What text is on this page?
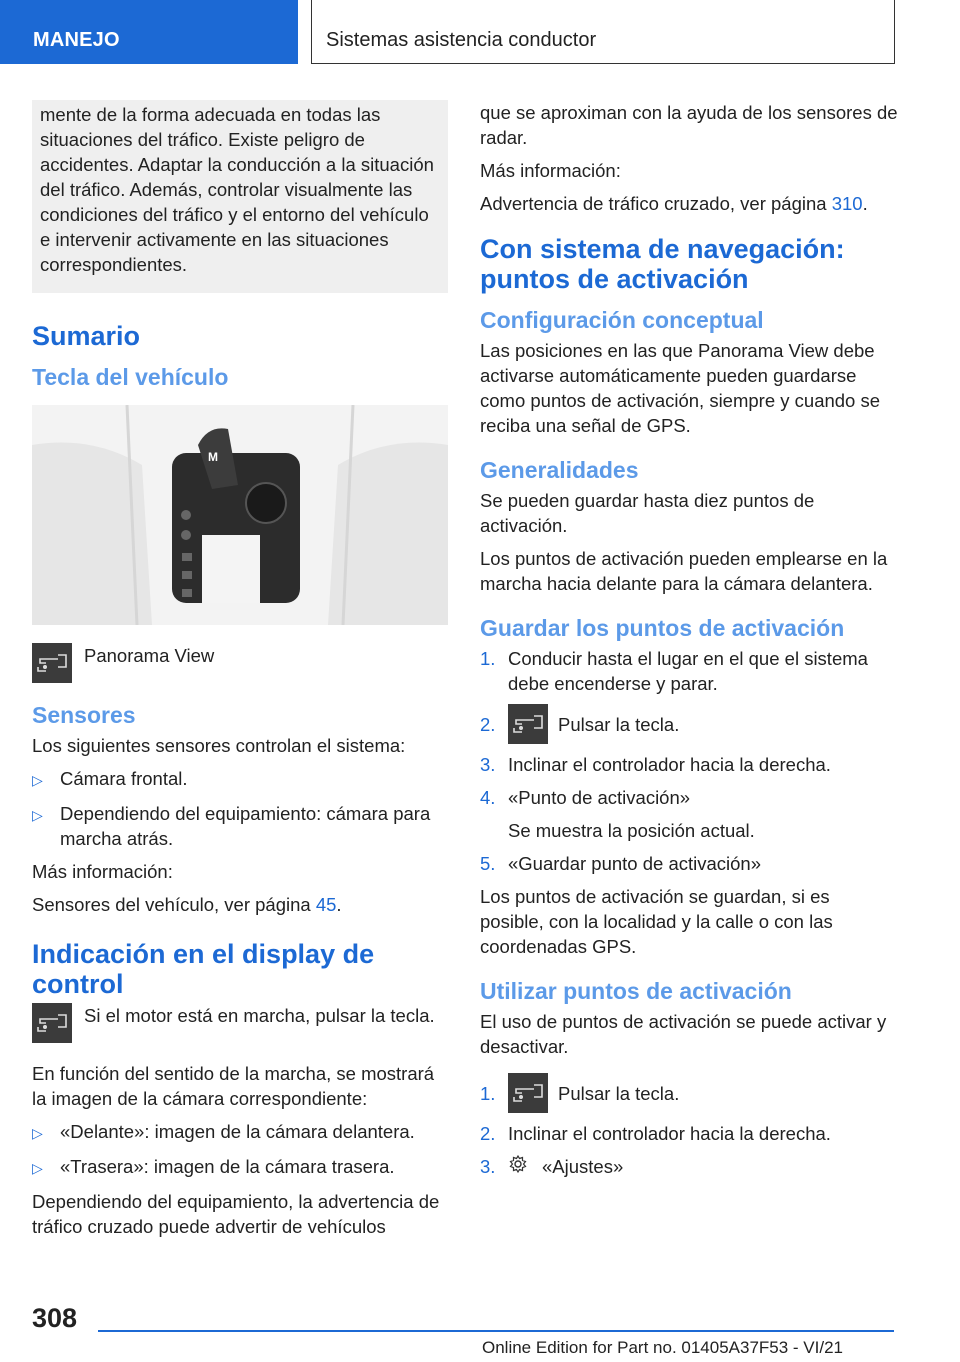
MANEJO	Sistemas asistencia conductor

mente de la forma adecuada en todas las situaciones del tráfico. Existe peligro de accidentes. Adaptar la conducción a la situación del tráfico. Además, controlar visualmente las condiciones del tráfico y el entorno del vehículo e intervenir activamente en las situaciones correspondientes.

Sumario
Tecla del vehículo
M
Panorama View
Sensores

Los siguientes sensores controlan el sistema:

▷ Cámara frontal.
▷ Dependiendo del equipamiento: cámara para marcha atrás.

Más información:

Sensores del vehículo, ver página 45.

Indicación en el display de control
Si el motor está en marcha, pulsar la tecla.

En función del sentido de la marcha, se mostrará la imagen de la cámara correspondiente:

▷ «Delante»: imagen de la cámara delantera.
▷ «Trasera»: imagen de la cámara trasera.

Dependiendo del equipamiento, la advertencia de tráfico cruzado puede advertir de vehículos

que se aproximan con la ayuda de los sensores de radar.

Más información:

Advertencia de tráfico cruzado, ver página 310.

Con sistema de navegación: puntos de activación
Configuración conceptual

Las posiciones en las que Panorama View debe activarse automáticamente pueden guardarse como puntos de activación, siempre y cuando se reciba una señal de GPS.

Generalidades

Se pueden guardar hasta diez puntos de activación.

Los puntos de activación pueden emplearse en la marcha hacia delante para la cámara delantera.

Guardar los puntos de activación
1. Conducir hasta el lugar en el que el sistema debe encenderse y parar.
2.	Pulsar la tecla.
3. Inclinar el controlador hacia la derecha.
4. «Punto de activación»
Se muestra la posición actual.
5. «Guardar punto de activación»

Los puntos de activación se guardan, si es posible, con la localidad y la calle o con las coordenadas GPS.

Utilizar puntos de activación

El uso de puntos de activación se puede activar y desactivar.

1.	Pulsar la tecla.
2. Inclinar el controlador hacia la derecha.
3.	«Ajustes»
308
Online Edition for Part no. 01405A37F53 - VI/21
